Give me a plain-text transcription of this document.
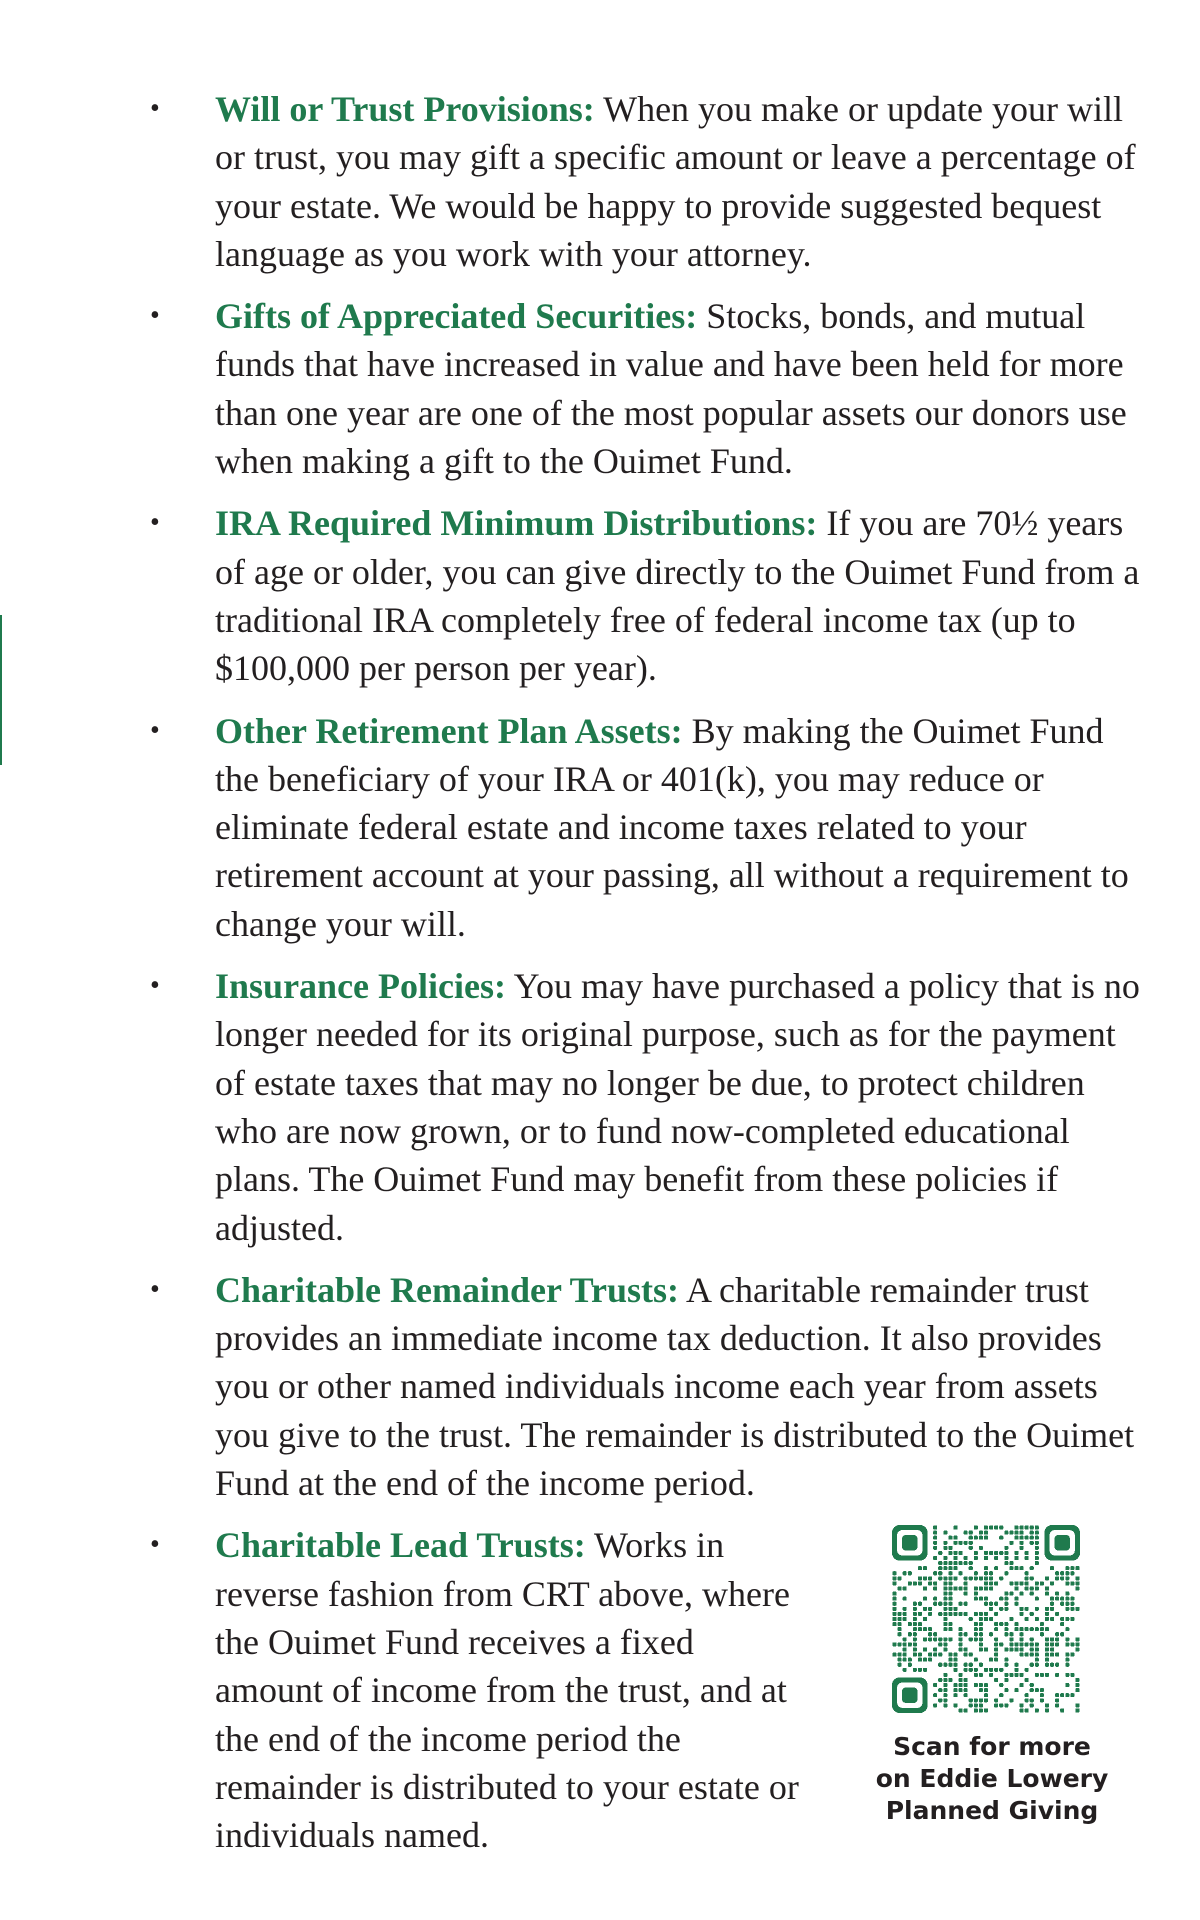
• Will or Trust Provisions: When you make or update your will or trust, you may gift a specific amount or leave a percentage of your estate. We would be happy to provide suggested bequest language as you work with your attorney.
• Gifts of Appreciated Securities: Stocks, bonds, and mutual funds that have increased in value and have been held for more than one year are one of the most popular assets our donors use when making a gift to the Ouimet Fund.
• IRA Required Minimum Distributions: If you are 70½ years of age or older, you can give directly to the Ouimet Fund from a traditional IRA completely free of federal income tax (up to $100,000 per person per year).
• Other Retirement Plan Assets: By making the Ouimet Fund the beneficiary of your IRA or 401(k), you may reduce or eliminate federal estate and income taxes related to your retirement account at your passing, all without a requirement to change your will.
• Insurance Policies: You may have purchased a policy that is no longer needed for its original purpose, such as for the payment of estate taxes that may no longer be due, to protect children who are now grown, or to fund now-completed educational plans. The Ouimet Fund may benefit from these policies if adjusted.
• Charitable Remainder Trusts: A charitable remainder trust provides an immediate income tax deduction. It also provides you or other named individuals income each year from assets you give to the trust. The remainder is distributed to the Ouimet Fund at the end of the income period.
• Charitable Lead Trusts: Works in reverse fashion from CRT above, where the Ouimet Fund receives a fixed amount of income from the trust, and at the end of the income period the remainder is distributed to your estate or individuals named.
Scan for more
on Eddie Lowery
Planned Giving
